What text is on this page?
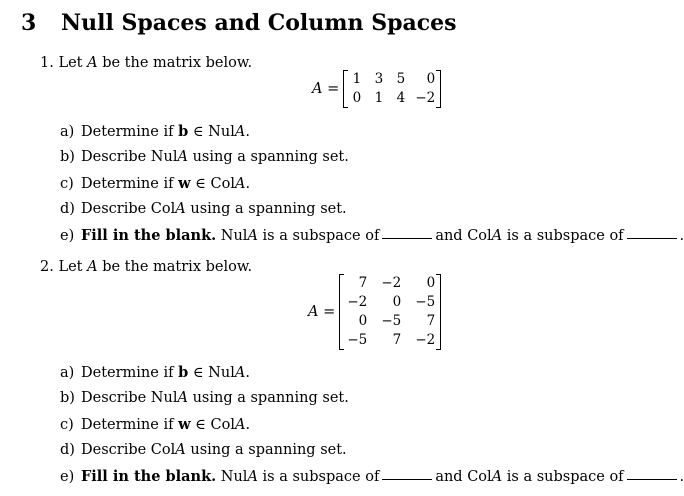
3 Null Spaces and Column Spaces
1. Let A be the matrix below.
A =
1	3	5	0
0	1	4	−2
a) Determine if b ∈ NulA.
b) Describe NulA using a spanning set.
c) Determine if w ∈ ColA.
d) Describe ColA using a spanning set.
e) Fill in the blank. NulA is a subspace of	and ColA is a subspace of	.
2. Let A be the matrix below.
A =
7	−2	0
−2	0	−5
0	−5	7
−5	7	−2
a) Determine if b ∈ NulA.
b) Describe NulA using a spanning set.
c) Determine if w ∈ ColA.
d) Describe ColA using a spanning set.
e) Fill in the blank. NulA is a subspace of	and ColA is a subspace of	.
